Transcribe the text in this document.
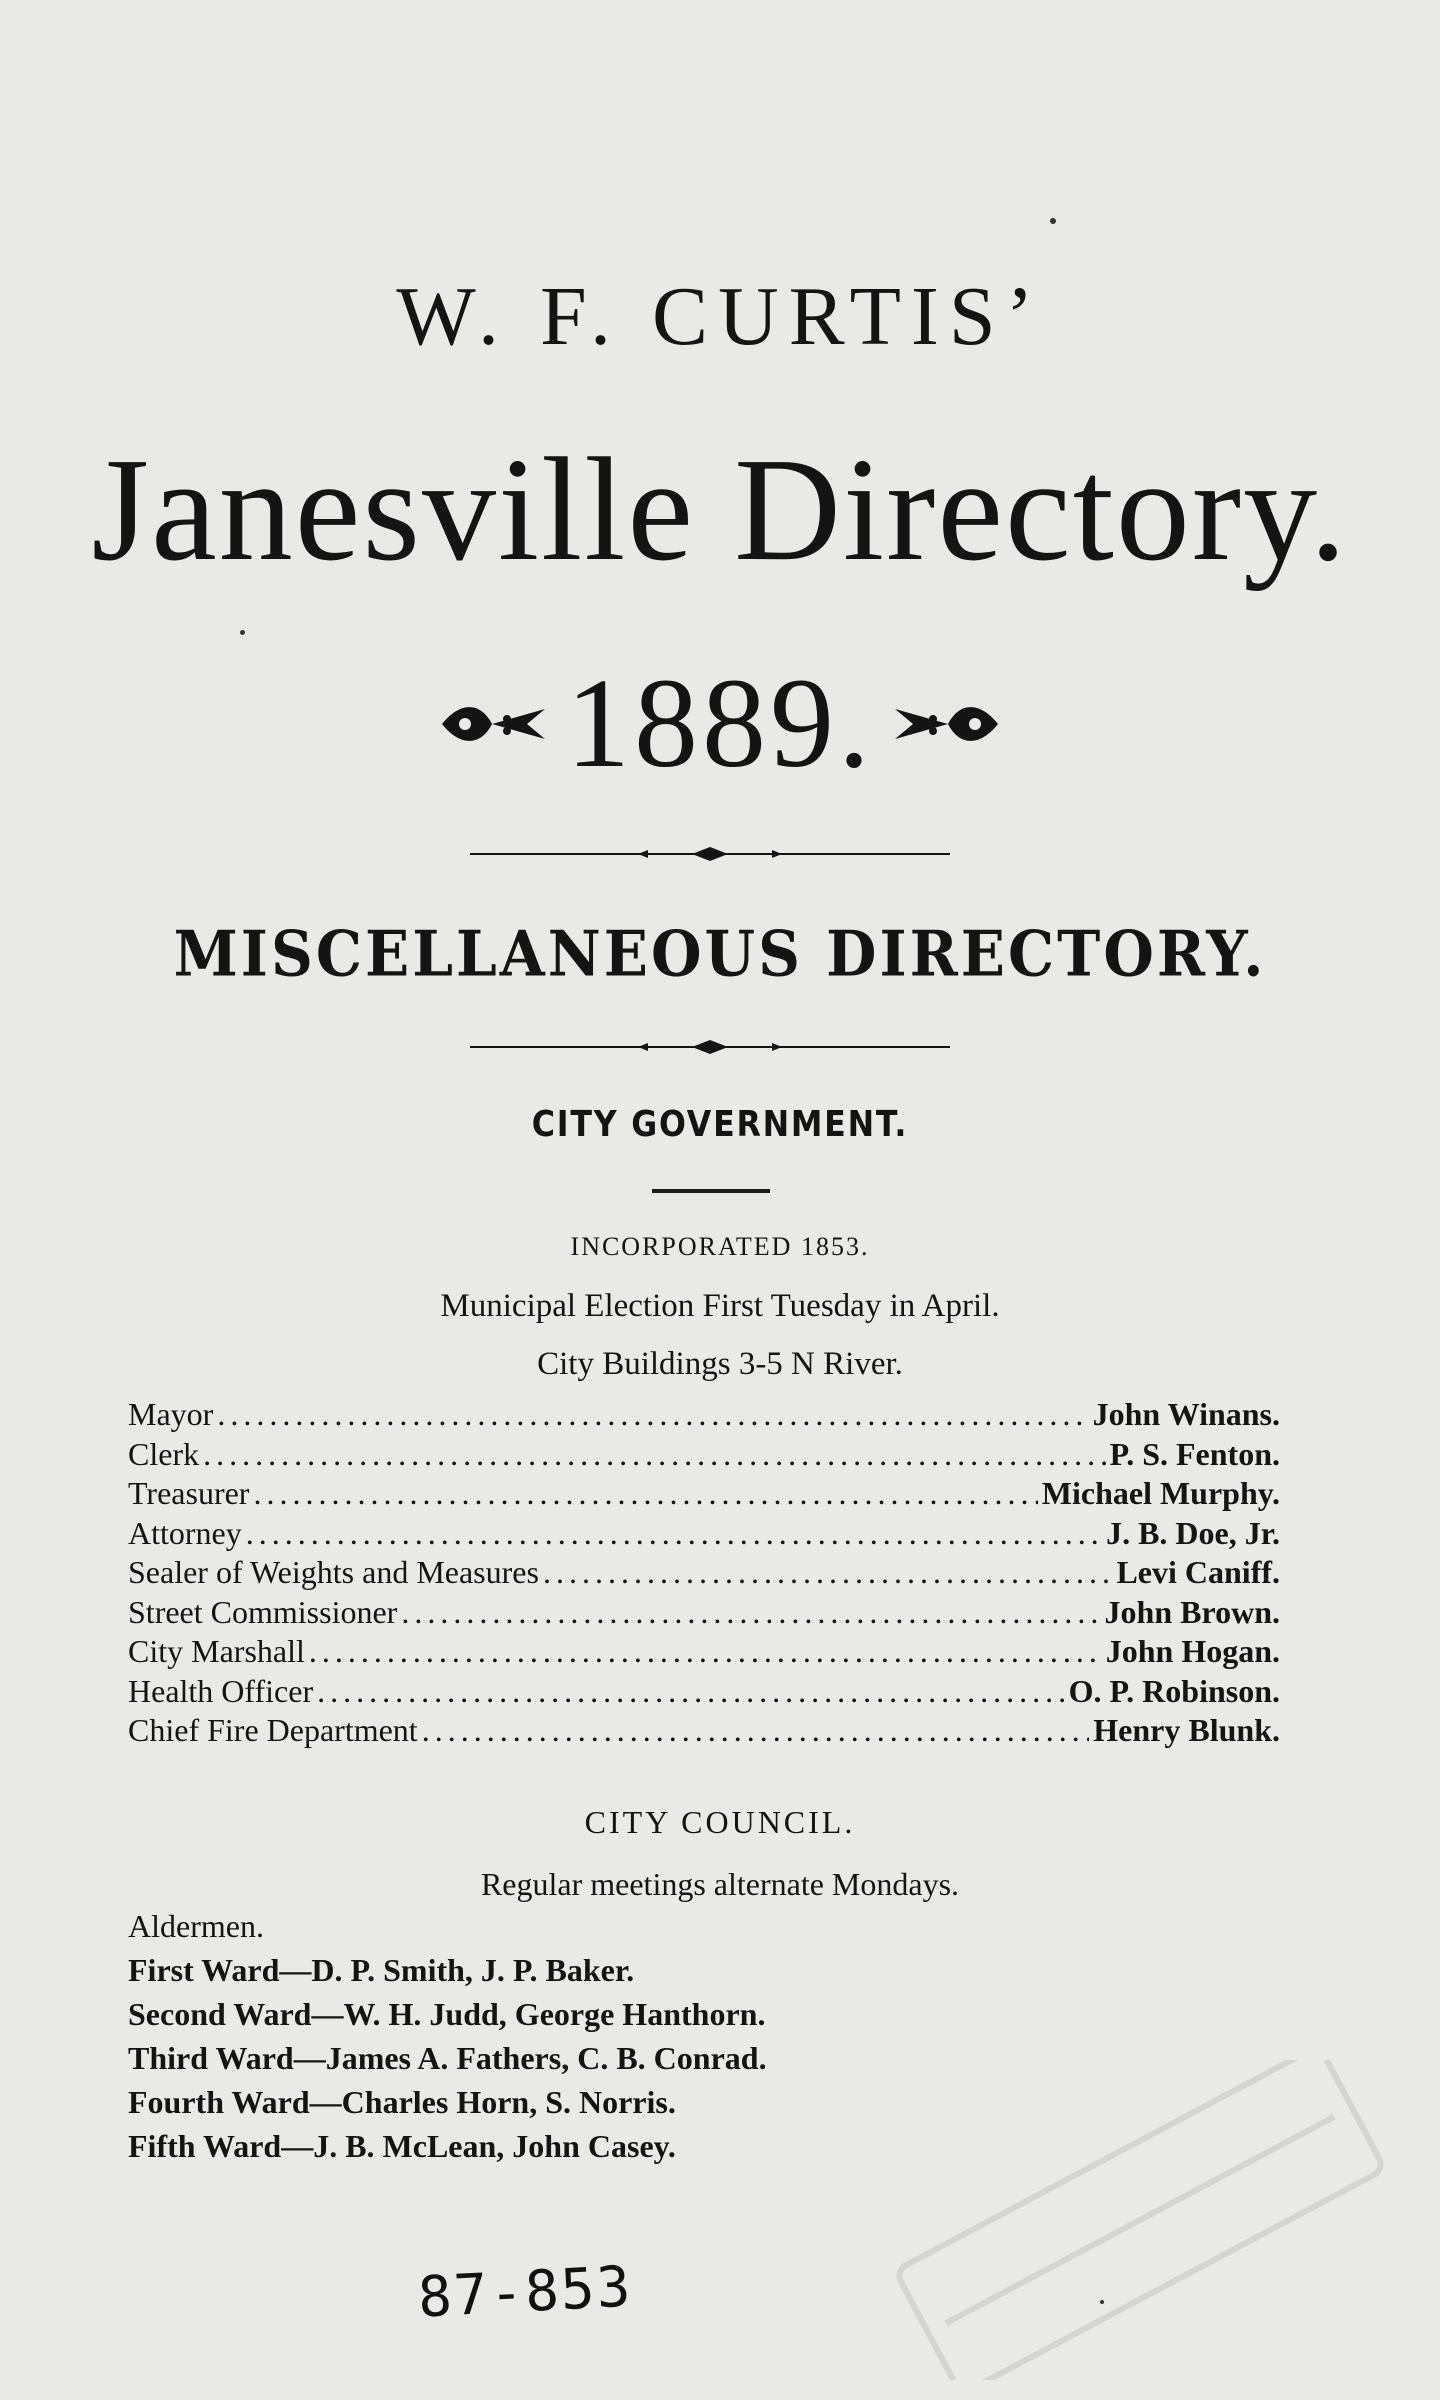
W. F. CURTIS’
Janesville Directory.
1889.
MISCELLANEOUS DIRECTORY.
CITY GOVERNMENT.
INCORPORATED 1853.
Municipal Election First Tuesday in April.
City Buildings 3-5 N River.
Mayor .....	John Winans.
Clerk .....	P. S. Fenton.
Treasurer .....	Michael Murphy.
Attorney .....	J. B. Doe, Jr.
Sealer of Weights and Measures .....	Levi Caniff.
Street Commissioner .....	John Brown.
City Marshall .....	John Hogan.
Health Officer .....	O. P. Robinson.
Chief Fire Department .....	Henry Blunk.
CITY COUNCIL.
Regular meetings alternate Mondays.
Aldermen.
First Ward—D. P. Smith, J. P. Baker.
Second Ward—W. H. Judd, George Hanthorn.
Third Ward—James A. Fathers, C. B. Conrad.
Fourth Ward—Charles Horn, S. Norris.
Fifth Ward—J. B. McLean, John Casey.
87-853
